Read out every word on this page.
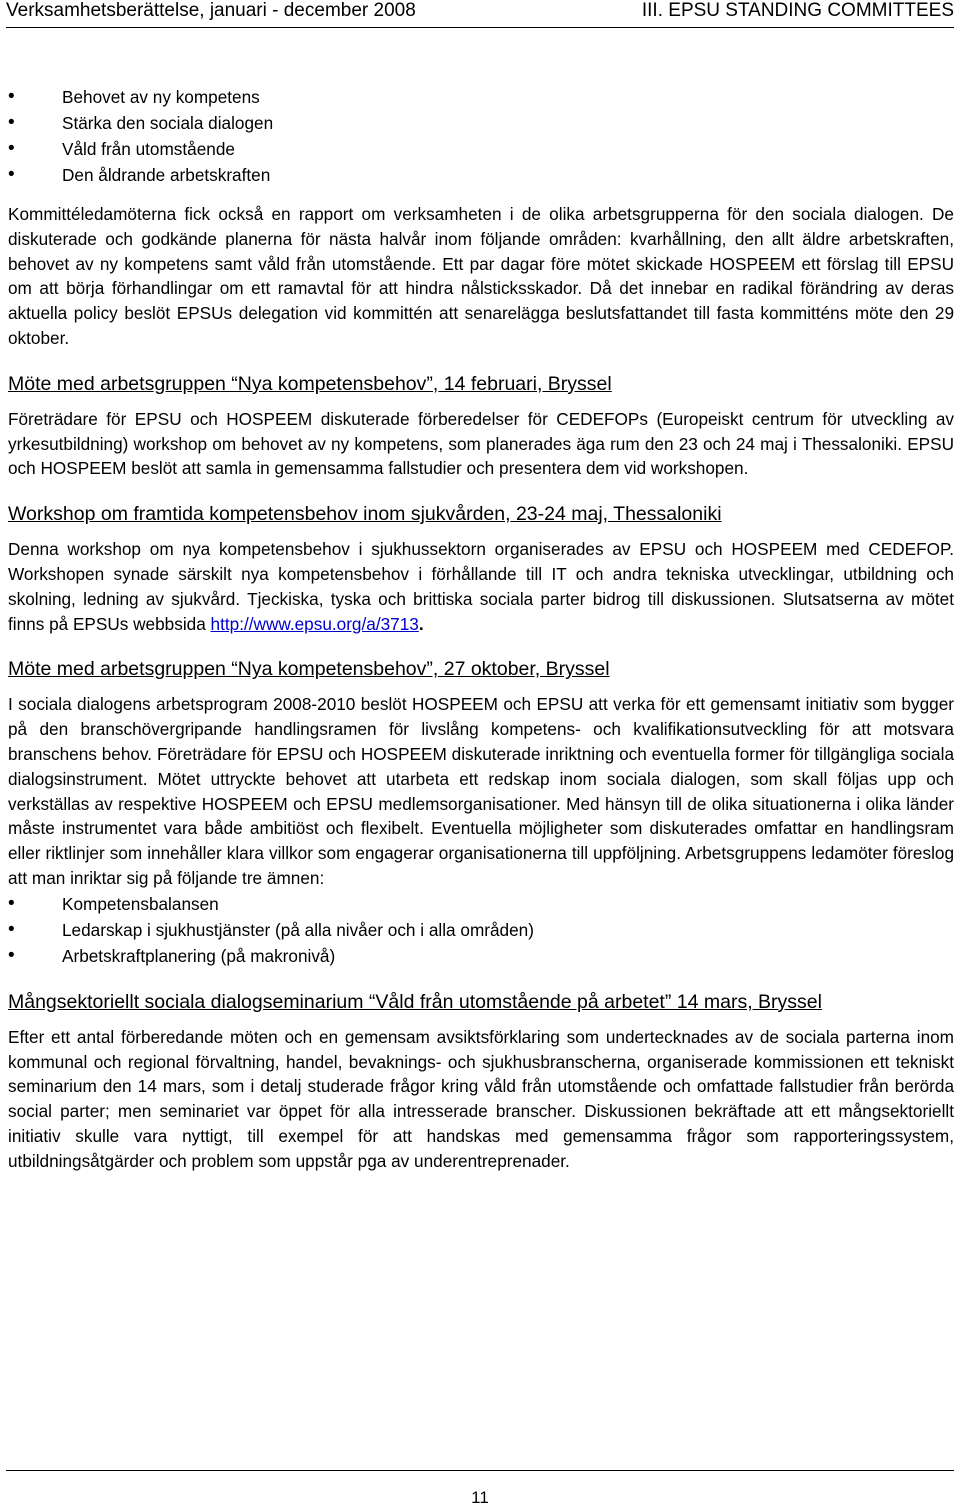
Verksamhetsberättelse, januari - december 2008	III. EPSU STANDING COMMITTEES
•	Behovet av ny kompetens
•	Stärka den sociala dialogen
•	Våld från utomstående
•	Den åldrande arbetskraften

Kommittéledamöterna fick också en rapport om verksamheten i de olika arbetsgrupperna för den sociala dialogen. De diskuterade och godkände planerna för nästa halvår inom följande områden: kvarhållning, den allt äldre arbetskraften, behovet av ny kompetens samt våld från utomstående. Ett par dagar före mötet skickade HOSPEEM ett förslag till EPSU om att börja förhandlingar om ett ramavtal för att hindra nålsticksskador. Då det innebar en radikal förändring av deras aktuella policy beslöt EPSUs delegation vid kommittén att senarelägga beslutsfattandet till fasta kommitténs möte den 29 oktober.

Möte med arbetsgruppen “Nya kompetensbehov”, 14 februari, Bryssel

Företrädare för EPSU och HOSPEEM diskuterade förberedelser för CEDEFOPs (Europeiskt centrum för utveckling av yrkesutbildning) workshop om behovet av ny kompetens, som planerades äga rum den 23 och 24 maj i Thessaloniki. EPSU och HOSPEEM beslöt att samla in gemensamma fallstudier och presentera dem vid workshopen.

Workshop om framtida kompetensbehov inom sjukvården, 23-24 maj, Thessaloniki

Denna workshop om nya kompetensbehov i sjukhussektorn organiserades av EPSU och HOSPEEM med CEDEFOP. Workshopen synade särskilt nya kompetensbehov i förhållande till IT och andra tekniska utvecklingar, utbildning och skolning, ledning av sjukvård. Tjeckiska, tyska och brittiska sociala parter bidrog till diskussionen. Slutsatserna av mötet finns på EPSUs webbsida http://www.epsu.org/a/3713.

Möte med arbetsgruppen “Nya kompetensbehov”, 27 oktober, Bryssel

I sociala dialogens arbetsprogram 2008-2010 beslöt HOSPEEM och EPSU att verka för ett gemensamt initiativ som bygger på den branschövergripande handlingsramen för livslång kompetens- och kvalifikationsutveckling för att motsvara branschens behov. Företrädare för EPSU och HOSPEEM diskuterade inriktning och eventuella former för tillgängliga sociala dialogsinstrument. Mötet uttryckte behovet att utarbeta ett redskap inom sociala dialogen, som skall följas upp och verkställas av respektive HOSPEEM och EPSU medlemsorganisationer. Med hänsyn till de olika situationerna i olika länder måste instrumentet vara både ambitiöst och flexibelt. Eventuella möjligheter som diskuterades omfattar en handlingsram eller riktlinjer som innehåller klara villkor som engagerar organisationerna till uppföljning. Arbetsgruppens ledamöter föreslog att man inriktar sig på följande tre ämnen:

•	Kompetensbalansen
•	Ledarskap i sjukhustjänster (på alla nivåer och i alla områden)
•	Arbetskraftplanering (på makronivå)
Mångsektoriellt sociala dialogseminarium “Våld från utomstående på arbetet” 14 mars, Bryssel

Efter ett antal förberedande möten och en gemensam avsiktsförklaring som undertecknades av de sociala parterna inom kommunal och regional förvaltning, handel, bevaknings- och sjukhusbranscherna, organiserade kommissionen ett tekniskt seminarium den 14 mars, som i detalj studerade frågor kring våld från utomstående och omfattade fallstudier från berörda social parter; men seminariet var öppet för alla intresserade branscher. Diskussionen bekräftade att ett mångsektoriellt initiativ skulle vara nyttigt, till exempel för att handskas med gemensamma frågor som rapporteringssystem, utbildningsåtgärder och problem som uppstår pga av underentreprenader.

11
